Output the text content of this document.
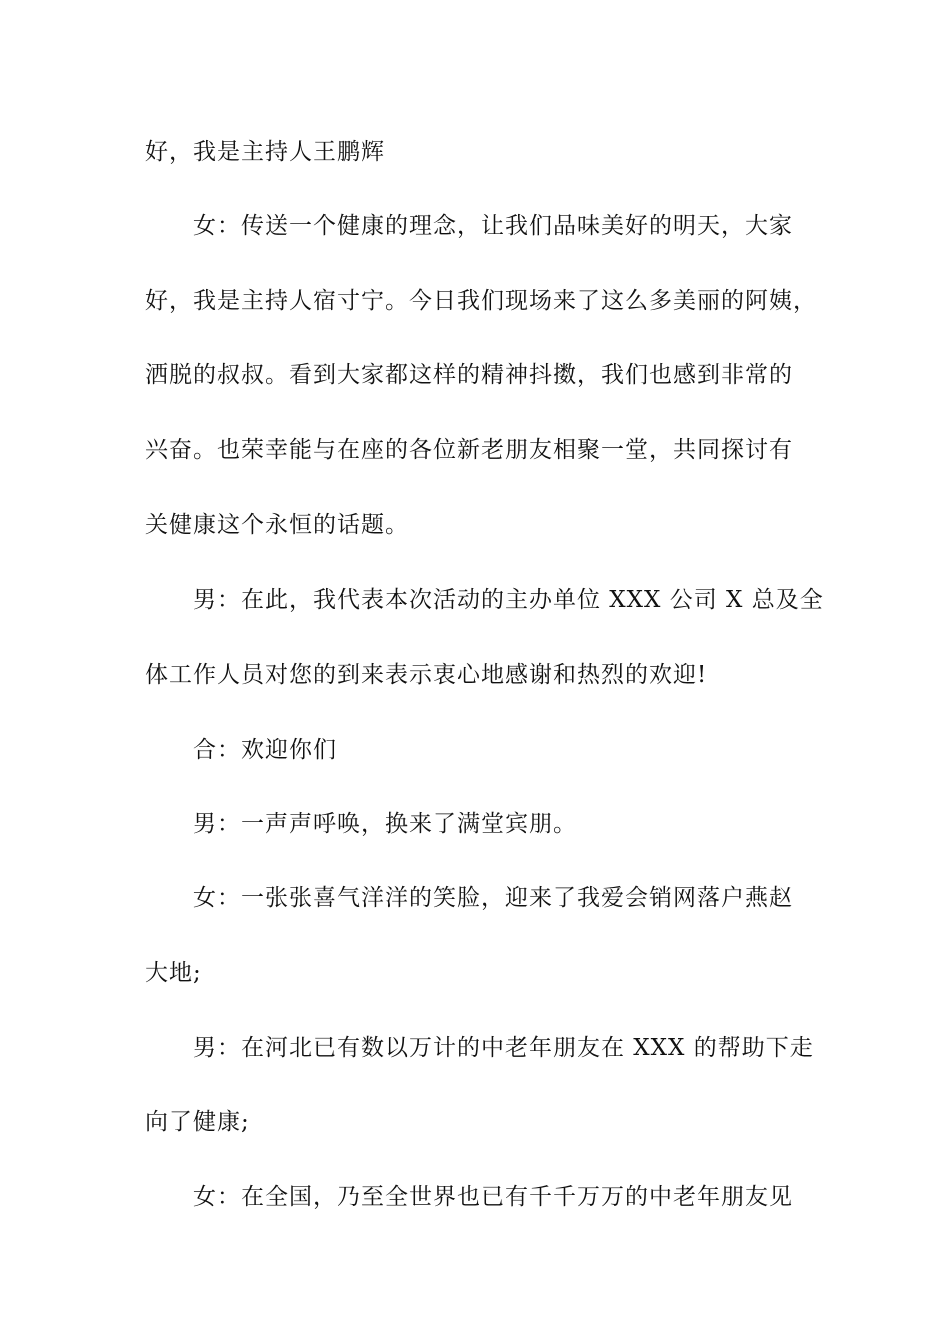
好，我是主持人王鹏辉
女：传送一个健康的理念，让我们品味美好的明天，大家
好，我是主持人宿寸宁。今日我们现场来了这么多美丽的阿姨，
洒脱的叔叔。看到大家都这样的精神抖擞，我们也感到非常的
兴奋。也荣幸能与在座的各位新老朋友相聚一堂，共同探讨有
关健康这个永恒的话题。
男：在此，我代表本次活动的主办单位 XXX 公司 X 总及全
体工作人员对您的到来表示衷心地感谢和热烈的欢迎!
合：欢迎你们
男：一声声呼唤，换来了满堂宾朋。
女：一张张喜气洋洋的笑脸，迎来了我爱会销网落户燕赵
大地;
男：在河北已有数以万计的中老年朋友在 XXX 的帮助下走
向了健康;
女：在全国，乃至全世界也已有千千万万的中老年朋友见
